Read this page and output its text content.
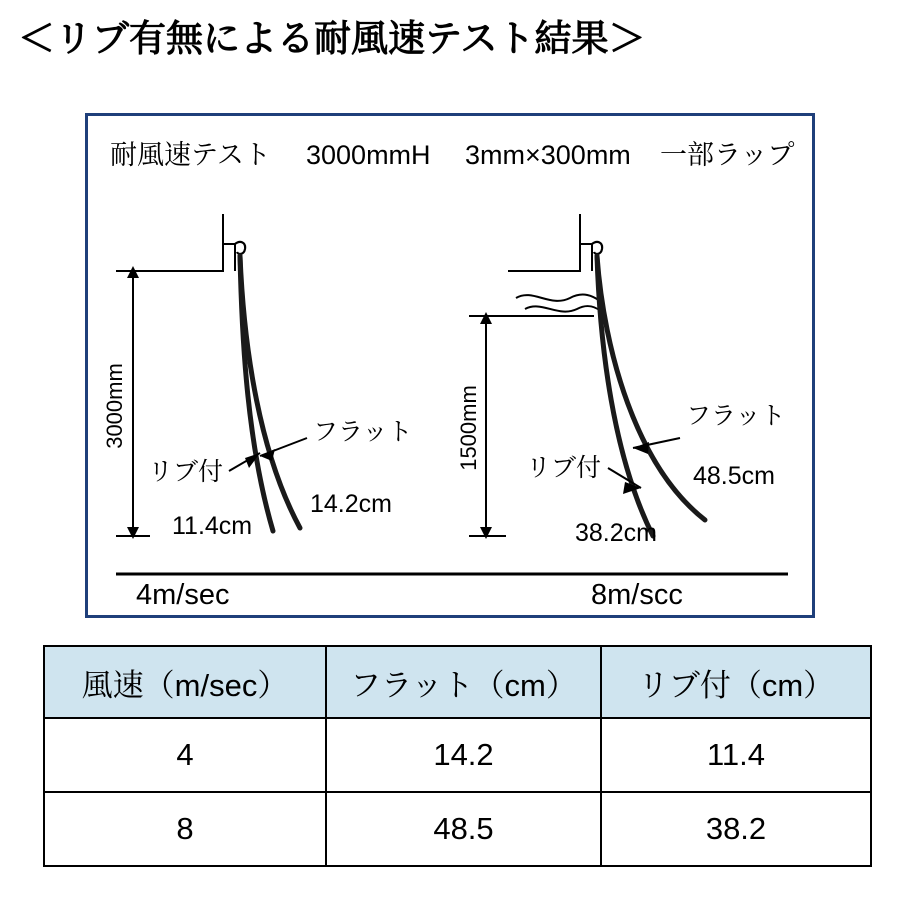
＜リブ有無による耐風速テスト結果＞
耐風速テスト 3000mmH 3mm×300mm 一部ラップ
3000mm	フラット
リブ付
14.2cm
11.4cm
4m/sec
1500mm	フラット
リブ付	48.5cm
38.2cm
8m/scc
風速（m/sec）	フラット（cm）	リブ付（cm）
4	14.2	11.4
8	48.5	38.2
